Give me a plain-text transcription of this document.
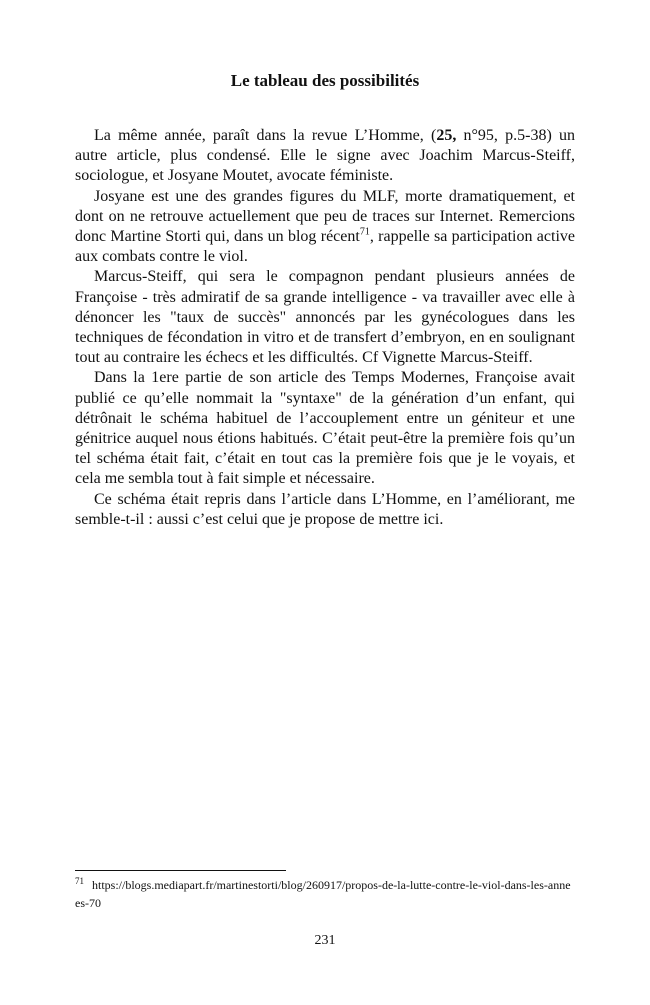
Le tableau des possibilités

La même année, paraît dans la revue L’Homme, (25, n°95, p.5-38) un autre article, plus condensé. Elle le signe avec Joachim Marcus-Steiff, sociologue, et Josyane Moutet, avocate féministe.

Josyane est une des grandes figures du MLF, morte dramatiquement, et dont on ne retrouve actuellement que peu de traces sur Internet. Remercions donc Martine Storti qui, dans un blog récent$^{71}$, rappelle sa participation active aux combats contre le viol.

Marcus-Steiff, qui sera le compagnon pendant plusieurs années de Françoise - très admiratif de sa grande intelligence - va travailler avec elle à dénoncer les "taux de succès" annoncés par les gynécologues dans les techniques de fécondation in vitro et de transfert d’embryon, en en soulignant tout au contraire les échecs et les difficultés. Cf Vignette Marcus-Steiff.

Dans la 1ere partie de son article des Temps Modernes, Françoise avait publié ce qu’elle nommait la "syntaxe" de la génération d’un enfant, qui détrônait le schéma habituel de l’accouplement entre un géniteur et une génitrice auquel nous étions habitués. C’était peut-être la première fois qu’un tel schéma était fait, c’était en tout cas la première fois que je le voyais, et cela me sembla tout à fait simple et nécessaire.

Ce schéma était repris dans l’article dans L’Homme, en l’améliorant, me semble-t-il : aussi c’est celui que je propose de mettre ici.

$^{71}$ https://blogs.mediapart.fr/martinestorti/blog/260917/propos-de-la-lutte-contre-le-viol-dans-les-annees-70
231
